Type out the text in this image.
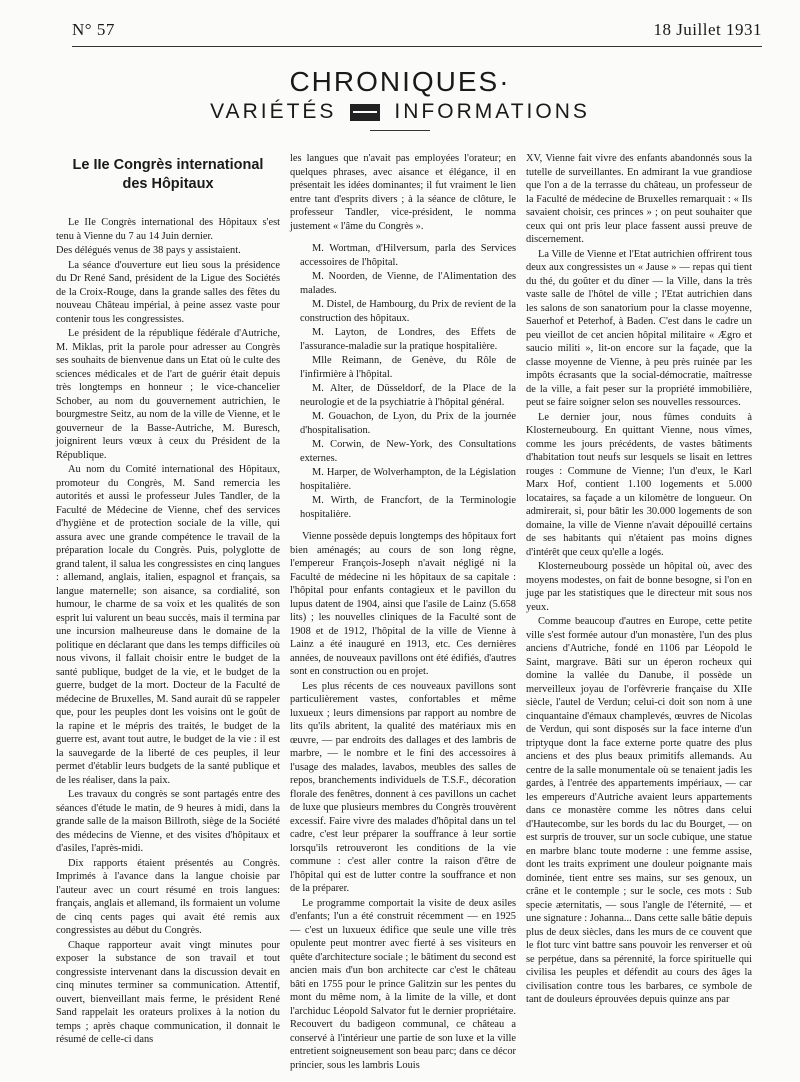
N° 57	18 Juillet 1931
CHRONIQUES·
VARIÉTÉS	INFORMATIONS
Le IIe Congrès international
des Hôpitaux

Le IIe Congrès international des Hôpitaux s'est tenu à Vienne du 7 au 14 Juin dernier.

Des délégués venus de 38 pays y assistaient.

La séance d'ouverture eut lieu sous la présidence du Dr René Sand, président de la Ligue des Sociétés de la Croix-Rouge, dans la grande salles des fêtes du nouveau Château impérial, à peine assez vaste pour contenir tous les congressistes.

Le président de la république fédérale d'Autriche, M. Miklas, prit la parole pour adresser au Congrès ses souhaits de bienvenue dans un Etat où le culte des sciences médicales et de l'art de guérir était depuis très longtemps en honneur ; le vice-chancelier Schober, au nom du gouvernement autrichien, le bourgmestre Seitz, au nom de la ville de Vienne, et le gouverneur de la Basse-Autriche, M. Buresch, joignirent leurs vœux à ceux du Président de la République.

Au nom du Comité international des Hôpitaux, promoteur du Congrès, M. Sand remercia les autorités et aussi le professeur Jules Tandler, de la Faculté de Médecine de Vienne, chef des services d'hygiène et de protection sociale de la ville, qui assura avec une grande compétence le travail de la préparation locale du Congrès. Puis, polyglotte de grand talent, il salua les congressistes en cinq langues : allemand, anglais, italien, espagnol et français, sa langue maternelle; son aisance, sa cordialité, son humour, le charme de sa voix et les qualités de son esprit lui valurent un beau succès, mais il termina par une incursion malheureuse dans le domaine de la politique en déclarant que dans les temps difficiles où nous vivons, il fallait choisir entre le budget de la santé publique, budget de la vie, et le budget de la guerre, budget de la mort. Docteur de la Faculté de médecine de Bruxelles, M. Sand aurait dû se rappeler que, pour les peuples dont les voisins ont le goût de la rapine et le mépris des traités, le budget de la guerre est, avant tout autre, le budget de la vie : il est la sauvegarde de la liberté de ces peuples, il leur permet d'établir leurs budgets de la santé publique et de les réaliser, dans la paix.

Les travaux du congrès se sont partagés entre des séances d'étude le matin, de 9 heures à midi, dans la grande salle de la maison Billroth, siège de la Société des médecins de Vienne, et des visites d'hôpitaux et d'asiles, l'après-midi.

Dix rapports étaient présentés au Congrès. Imprimés à l'avance dans la langue choisie par l'auteur avec un court résumé en trois langues: français, anglais et allemand, ils formaient un volume de cinq cents pages qui avait été remis aux congressistes au début du Congrès.

Chaque rapporteur avait vingt minutes pour exposer la substance de son travail et tout congressiste intervenant dans la discussion devait en cinq minutes terminer sa communication. Attentif, ouvert, bienveillant mais ferme, le président René Sand rappelait les orateurs prolixes à la notion du temps ; après chaque communication, il donnait le résumé de celle-ci dans

les langues que n'avait pas employées l'orateur; en quelques phrases, avec aisance et élégance, il en présentait les idées dominantes; il fut vraiment le lien entre tant d'esprits divers ; à la séance de clôture, le professeur Tandler, vice-président, le nomma justement « l'âme du Congrès ».

M. Wortman, d'Hilversum, parla des Services accessoires de l'hôpital.

M. Noorden, de Vienne, de l'Alimentation des malades.

M. Distel, de Hambourg, du Prix de revient de la construction des hôpitaux.

M. Layton, de Londres, des Effets de l'assurance-maladie sur la pratique hospitalière.

Mlle Reimann, de Genève, du Rôle de l'infirmière à l'hôpital.

M. Alter, de Düsseldorf, de la Place de la neurologie et de la psychiatrie à l'hôpital général.

M. Gouachon, de Lyon, du Prix de la journée d'hospitalisation.

M. Corwin, de New-York, des Consultations externes.

M. Harper, de Wolverhampton, de la Législation hospitalière.

M. Wirth, de Francfort, de la Terminologie hospitalière.

Vienne possède depuis longtemps des hôpitaux fort bien aménagés; au cours de son long règne, l'empereur François-Joseph n'avait négligé ni la Faculté de médecine ni les hôpitaux de sa capitale : l'hôpital pour enfants contagieux et le pavillon du lupus datent de 1904, ainsi que l'asile de Lainz (5.658 lits) ; les nouvelles cliniques de la Faculté sont de 1908 et de 1912, l'hôpital de la ville de Vienne à Lainz a été inauguré en 1913, etc. Ces dernières années, de nouveaux pavillons ont été édifiés, d'autres sont en construction ou en projet.

Les plus récents de ces nouveaux pavillons sont particulièrement vastes, confortables et même luxueux ; leurs dimensions par rapport au nombre de lits qu'ils abritent, la qualité des matériaux mis en œuvre, — par endroits des dallages et des lambris de marbre, — le nombre et le fini des accessoires à l'usage des malades, lavabos, meubles des salles de repos, branchements individuels de T.S.F., décoration florale des fenêtres, donnent à ces pavillons un cachet de luxe que plusieurs membres du Congrès trouvèrent excessif. Faire vivre des malades d'hôpital dans un tel cadre, c'est leur préparer la souffrance à leur sortie lorsqu'ils retrouveront les conditions de la vie commune : c'est aller contre la raison d'être de l'hôpital qui est de lutter contre la souffrance et non de la préparer.

Le programme comportait la visite de deux asiles d'enfants; l'un a été construit récemment — en 1925 — c'est un luxueux édifice que seule une ville très opulente peut montrer avec fierté à ses visiteurs en quête d'architecture sociale ; le bâtiment du second est ancien mais d'un bon architecte car c'est le château bâti en 1755 pour le prince Galitzin sur les pentes du mont du même nom, à la limite de la ville, et dont l'archiduc Léopold Salvator fut le dernier propriétaire. Recouvert du badigeon communal, ce château a conservé à l'intérieur une partie de son luxe et la ville entretient soigneusement son beau parc; dans ce décor princier, sous les lambris Louis

XV, Vienne fait vivre des enfants abandonnés sous la tutelle de surveillantes. En admirant la vue grandiose que l'on a de la terrasse du château, un professeur de la Faculté de médecine de Bruxelles remarquait : « Ils savaient choisir, ces princes » ; on peut souhaiter que ceux qui ont pris leur place fassent aussi preuve de discernement.

La Ville de Vienne et l'Etat autrichien offrirent tous deux aux congressistes un « Jause » — repas qui tient du thé, du goûter et du dîner — la Ville, dans la très vaste salle de l'hôtel de ville ; l'Etat autrichien dans les salons de son sanatorium pour la classe moyenne, Sauerhof et Peterhof, à Baden. C'est dans le cadre un peu vieillot de cet ancien hôpital militaire « Ægro et saucio militi », lit-on encore sur la façade, que la classe moyenne de Vienne, à peu près ruinée par les impôts écrasants que la social-démocratie, maîtresse de la ville, a fait peser sur la propriété immobilière, peut se faire soigner selon ses nouvelles ressources.

Le dernier jour, nous fûmes conduits à Klosterneubourg. En quittant Vienne, nous vîmes, comme les jours précédents, de vastes bâtiments d'habitation tout neufs sur lesquels se lisait en lettres rouges : Commune de Vienne; l'un d'eux, le Karl Marx Hof, contient 1.100 logements et 5.000 locataires, sa façade a un kilomètre de longueur. On admirerait, si, pour bâtir les 30.000 logements de son domaine, la ville de Vienne n'avait dépouillé certains de ses habitants qui n'étaient pas moins dignes d'intérêt que ceux qu'elle a logés.

Klosterneubourg possède un hôpital où, avec des moyens modestes, on fait de bonne besogne, si l'on en juge par les statistiques que le directeur mit sous nos yeux.

Comme beaucoup d'autres en Europe, cette petite ville s'est formée autour d'un monastère, l'un des plus anciens d'Autriche, fondé en 1106 par Léopold le Saint, margrave. Bâti sur un éperon rocheux qui domine la vallée du Danube, il possède un merveilleux joyau de l'orfèvrerie française du XIIe siècle, l'autel de Verdun; celui-ci doit son nom à une cinquantaine d'émaux champlevés, œuvres de Nicolas de Verdun, qui sont disposés sur la face interne d'un triptyque dont la face externe porte quatre des plus anciens et des plus beaux primitifs allemands. Au centre de la salle monumentale où se tenaient jadis les gardes, à l'entrée des appartements impériaux, — car les empereurs d'Autriche avaient leurs appartements dans ce monastère comme les nôtres dans celui d'Hautecombe, sur les bords du lac du Bourget, — on est surpris de trouver, sur un socle cubique, une statue en marbre blanc toute moderne : une femme assise, dont les traits expriment une douleur poignante mais dominée, tient entre ses mains, sur ses genoux, un crâne et le contemple ; sur le socle, ces mots : Sub specie æternitatis, — sous l'angle de l'éternité, — et une signature : Johanna... Dans cette salle bâtie depuis plus de deux siècles, dans les murs de ce couvent que le flot turc vint battre sans pouvoir les renverser et où se perpétue, dans sa pérennité, la force spirituelle qui civilisa les peuples et défendit au cours des âges la civilisation contre tous les barbares, ce symbole de tant de douleurs éprouvées depuis quinze ans par
